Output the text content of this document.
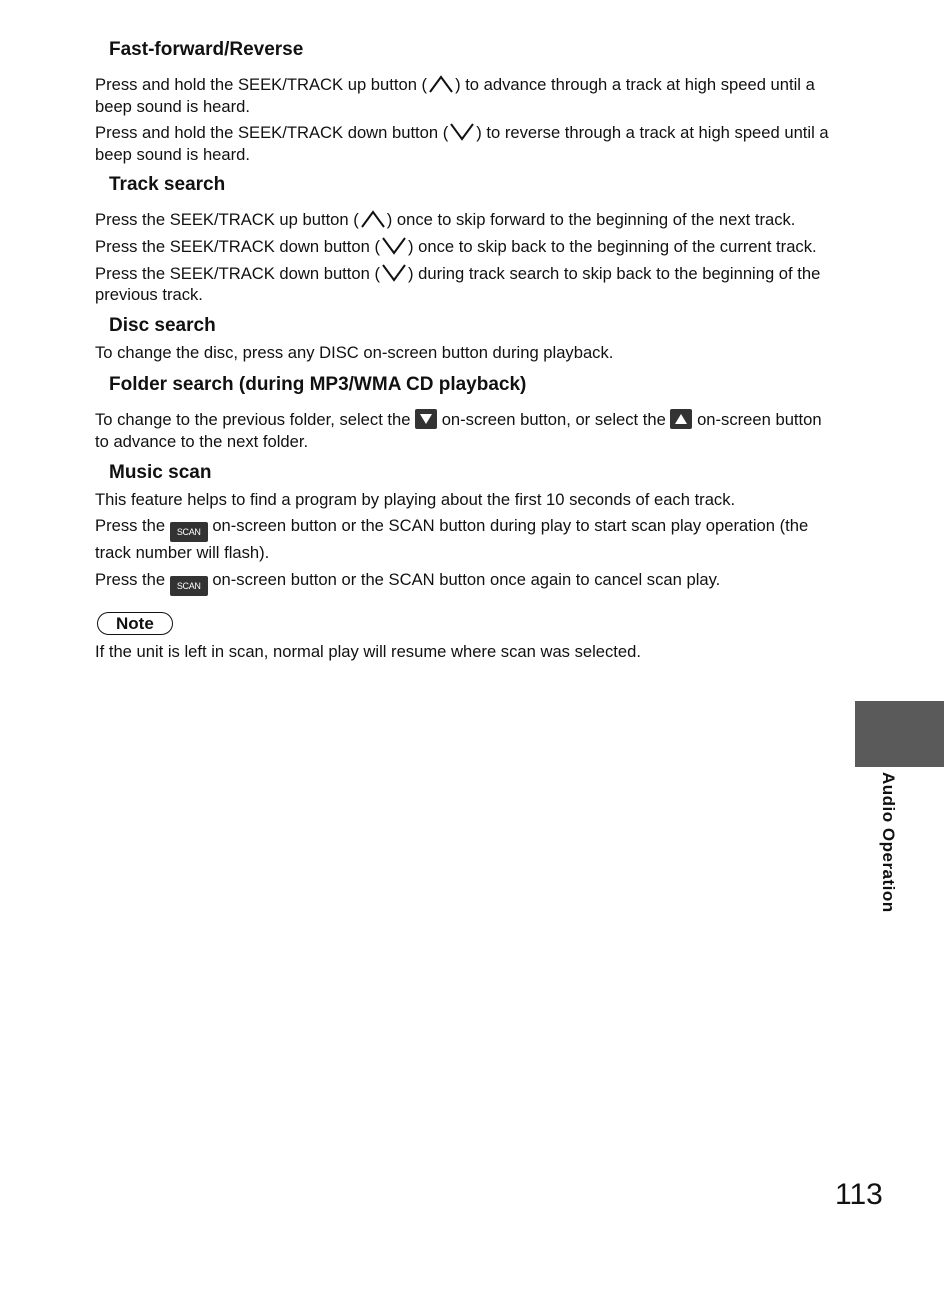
Fast-forward/Reverse

Press and hold the SEEK/TRACK up button ( ) to advance through a track at high speed until a beep sound is heard.

Press and hold the SEEK/TRACK down button ( ) to reverse through a track at high speed until a beep sound is heard.

Track search

Press the SEEK/TRACK up button ( ) once to skip forward to the beginning of the next track.

Press the SEEK/TRACK down button ( ) once to skip back to the beginning of the current track.

Press the SEEK/TRACK down button ( ) during track search to skip back to the beginning of the previous track.

Disc search

To change the disc, press any DISC on-screen button during playback.

Folder search (during MP3/WMA CD playback)

To change to the previous folder, select the
on-screen button, or select the
on-screen button to advance to the next folder.

Music scan

This feature helps to find a program by playing about the first 10 seconds of each track.

Press the SCAN on-screen button or the SCAN button during play to start scan play operation (the track number will flash).

Press the SCAN on-screen button or the SCAN button once again to cancel scan play.

Note

If the unit is left in scan, normal play will resume where scan was selected.

Audio Operation
113
